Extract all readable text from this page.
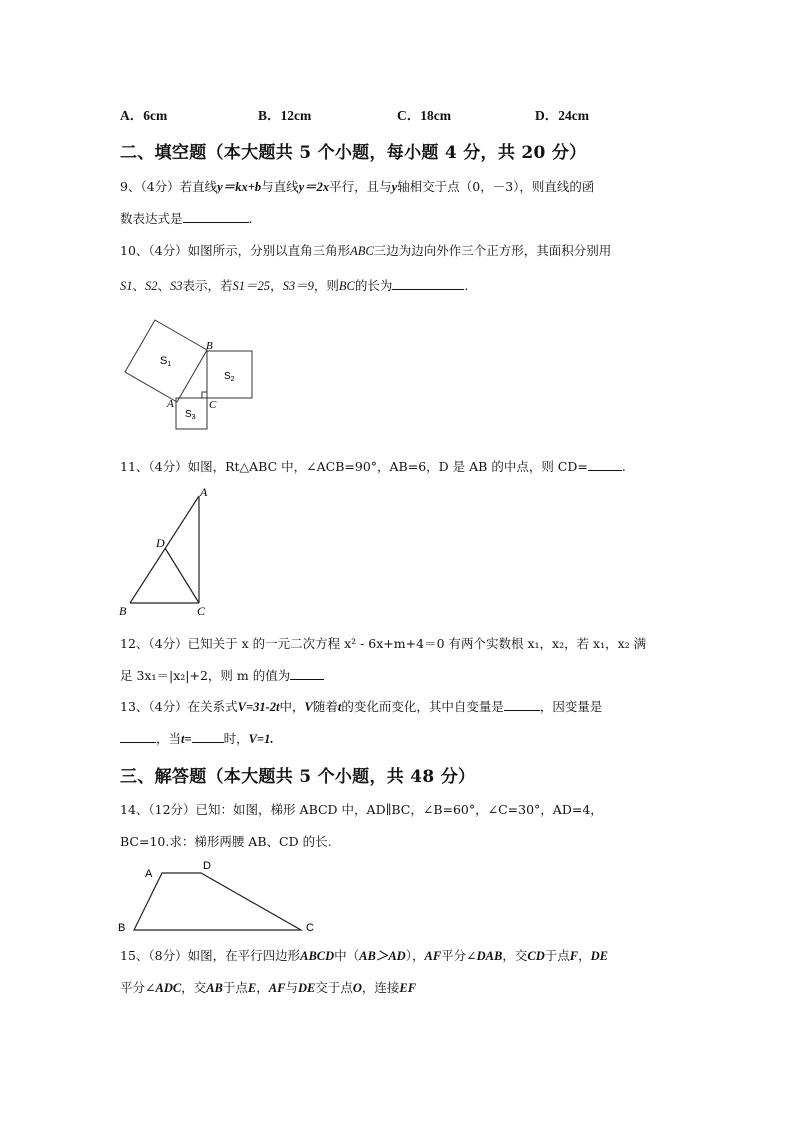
A．6cm	B．12cm	C．18cm	D．24cm
二、填空题（本大题共 5 个小题，每小题 4 分，共 20 分）
9、（4分）若直线y＝kx+b与直线y＝2x平行，且与y轴相交于点（0，－3），则直线的函
数表达式是	.
10、（4分）如图所示，分别以直角三角形ABC三边为边向外作三个正方形，其面积分别用
S1、S2、S3表示，若S1＝25，S3＝9，则BC的长为	.
S1
$S_2$
$S_3$
B
A	C
11、（4分）如图，Rt△ABC 中，∠ACB=90°，AB=6，D 是 AB 的中点，则 CD=	.
A
D
B	C
12、（4分）已知关于 x 的一元二次方程 x² - 6x+m+4＝0 有两个实数根 x₁，x₂，若 x₁，x₂ 满
足 3x₁＝|x₂|+2，则 m 的值为
13、（4分）在关系式V=31-2t中，V随着t的变化而变化，其中自变量是	，因变量是
，当t=	时，V=1.
三、解答题（本大题共 5 个小题，共 48 分）
14、（12分）已知：如图，梯形 ABCD 中，AD∥BC，∠B=60°，∠C=30°，AD=4，
BC=10.求：梯形两腰 AB、CD 的长.
A
D
B	C
15、（8分）如图，在平行四边形ABCD中（AB＞AD），AF平分∠DAB，交CD于点F，DE
平分∠ADC，交AB于点E，AF与DE交于点O，连接EF
